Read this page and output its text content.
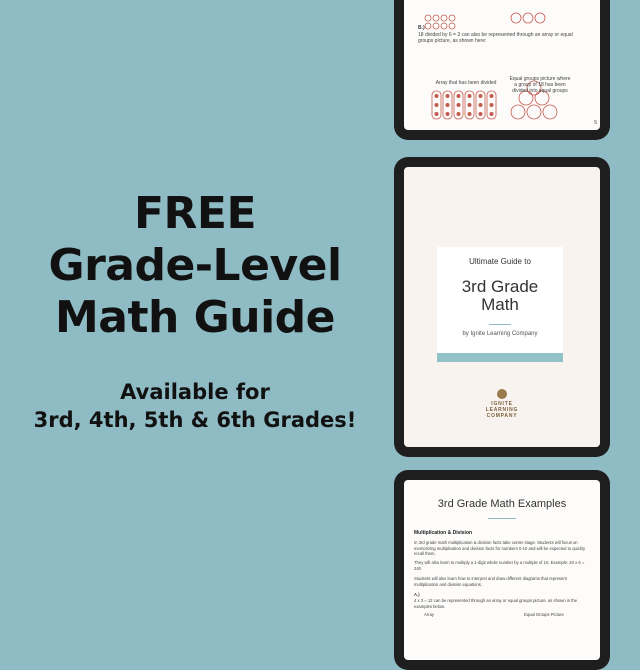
FREE
Grade-Level
Math Guide
Available for
3rd, 4th, 5th & 6th Grades!
B.)
18 divided by 6 = 3 can also be represented through an array or equal groups picture, as shown here:
Array that has been divided
Equal groups picture where a group of 18 has been divided into equal groups
5
Ultimate Guide to
3rd Grade
Math
by Ignite Learning Company
IGNITE
LEARNING
COMPANY
3rd Grade Math Examples
Multiplication & Division
In 3rd grade math multiplication & division facts take center stage. Students will focus on memorizing multiplication and division facts for numbers 0-10 and will be expected to quickly recall them.
They will also learn to multiply a 1-digit whole number by a multiple of 10. Example: 40 x 6 = 240
Students will also learn how to interpret and draw different diagrams that represent multiplication and division equations.
A.)
4 x 3 = 12 can be represented through an array or equal groups picture, as shown in the examples below.
Array	Equal Groups Picture
